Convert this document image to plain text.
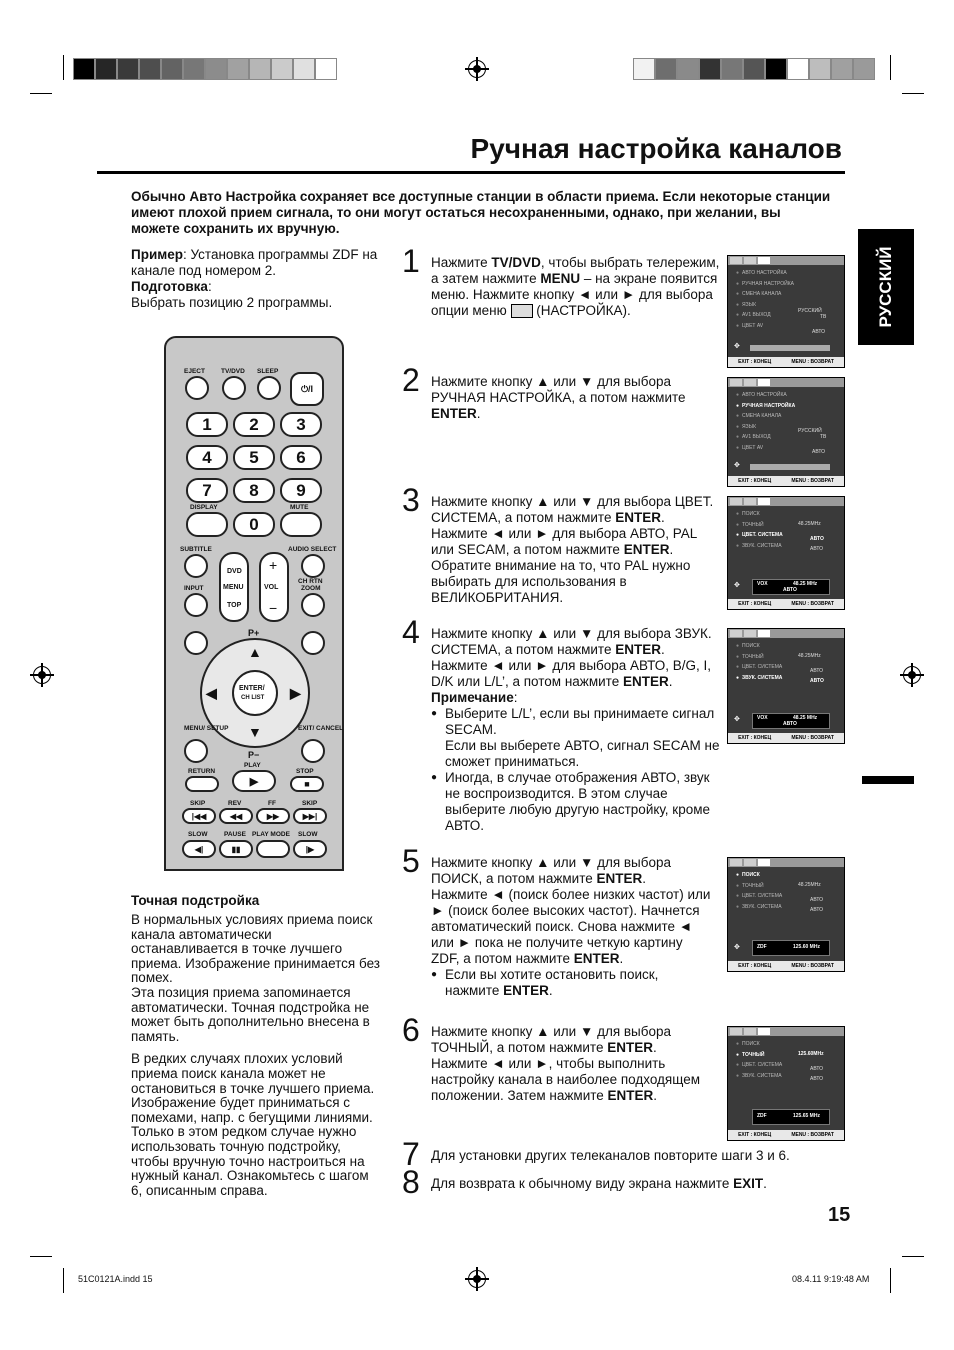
Ручная настройка каналов
Обычно Авто Настройка сохраняет все доступные станции в области приема. Если некоторые станции имеют плохой прием сигнала, то они могут остаться несохраненными, однако, при желании, вы можете сохранить их вручную.
РУССКИЙ
Пример: Установка программы ZDF на канале под номером 2.
Подготовка:
Выбрать позицию 2 программы.
EJECT TV/DVD SLEEP
⏻/I
1	2	3
4	5	6
7	8	9
DISPLAY	MUTE
0
SUBTITLE	AUDIO SELECT
INPUT
DVD
MENU
TOP
+
VOL
−
CH RTN
ZOOM
P+
▲
▼
◀	▶
ENTER/
CH LIST
MENU/ SETUP	EXIT/ CANCEL
P−
PLAY
RETURN	STOP
▶	■
SKIP	REV	FF	SKIP
|◀◀	◀◀	▶▶	▶▶|
SLOW	PAUSE PLAY MODE SLOW
◀|	▮▮	|▶
Точная подстройка
В нормальных условиях приема поиск канала автоматически останавливается в точке лучшего приема. Изображение принимается без помех.
Эта позиция приема запоминается автоматически. Точная подстройка не может быть дополнительно внесена в память.
В редких случаях плохих условий приема поиск канала может не остановиться в точке лучшего приема. Изображение будет приниматься с помехами, напр. с бегущими линиями.
Только в этом редком случае нужно использовать точную подстройку, чтобы вручную точно настроиться на нужный канал. Ознакомьтесь с шагом 6, описанным справа.
1 Нажмите TV/DVD, чтобы выбрать телережим, а затем нажмите MENU – на экране появится меню. Нажмите кнопку ◄ или ► для выбора опции меню  (НАСТРОЙКА).
2 Нажмите кнопку ▲ или ▼ для выбора РУЧНАЯ НАСТРОЙКА, а потом нажмите ENTER.
3 Нажмите кнопку ▲ или ▼ для выбора ЦВЕТ. СИСТЕМА, а потом нажмите ENTER.
Нажмите ◄ или ► для выбора АВТО, PAL или SECAM, а потом нажмите ENTER.
Обратите внимание на то, что PAL нужно выбирать для использования в ВЕЛИКОБРИТАНИЯ.
4 Нажмите кнопку ▲ или ▼ для выбора ЗВУК. СИСТЕМА, а потом нажмите ENTER.
Нажмите ◄ или ► для выбора АВТО, B/G, I, D/K или L/L’, а потом нажмите ENTER.
Примечание:
● Выберите L/L’, если вы принимаете сигнал SECAM.
Если вы выберете АВТО, сигнал SECAM не сможет приниматься.
● Иногда, в случае отображения АВТО, звук не воспроизводится. В этом случае выберите любую другую настройку, кроме АВТО.
5 Нажмите кнопку ▲ или ▼ для выбора ПОИСК, а потом нажмите ENTER.
Нажмите ◄ (поиск более низких частот) или ► (поиск более высоких частот). Начнется автоматический поиск. Снова нажмите ◄ или ► пока не получите четкую картину ZDF, а потом нажмите ENTER.
● Если вы хотите остановить поиск, нажмите ENTER.
6 Нажмите кнопку ▲ или ▼ для выбора ТОЧНЫЙ, а потом нажмите ENTER.
Нажмите ◄ или ►, чтобы выполнить настройку канала в наиболее подходящем положении. Затем нажмите ENTER.
7 Для установки других телеканалов повторите шаги 3 и 6.
8 Для возврата к обычному виду экрана нажмите EXIT.
● АВТО НАСТРОЙКА
● РУЧНАЯ НАСТРОЙКА
● СМЕНА КАНАЛА
● ЯЗЫК
● AV1 ВЫХОД
● ЦВЕТ AV
РУССКИЙ
ТВ
АВТО
✥
EXIT : КОНЕЦ	MENU : ВОЗВРАТ
● АВТО НАСТРОЙКА
● РУЧНАЯ НАСТРОЙКА
● СМЕНА КАНАЛА
● ЯЗЫК
● AV1 ВЫХОД
● ЦВЕТ AV
РУССКИЙ
ТВ
АВТО
✥
EXIT : КОНЕЦ	MENU : ВОЗВРАТ
● ПОИСК
● ТОЧНЫЙ
● ЦВЕТ. СИСТЕМА
● ЗВУК. СИСТЕМА
48.25MHz
АВТО
АВТО
✥	VOX	48.25 MHz
АВТО
EXIT : КОНЕЦ	MENU : ВОЗВРАТ
● ПОИСК
● ТОЧНЫЙ
● ЦВЕТ. СИСТЕМА
● ЗВУК. СИСТЕМА
48.25MHz
АВТО
АВТО
✥	VOX	48.25 MHz
АВТО
EXIT : КОНЕЦ	MENU : ВОЗВРАТ
● ПОИСК
● ТОЧНЫЙ
● ЦВЕТ. СИСТЕМА
● ЗВУК. СИСТЕМА
48.25MHz
АВТО
АВТО
✥	ZDF	125.60 MHz
EXIT : КОНЕЦ	MENU : ВОЗВРАТ
● ПОИСК
● ТОЧНЫЙ
● ЦВЕТ. СИСТЕМА
● ЗВУК. СИСТЕМА
125.60MHz
АВТО
АВТО
ZDF	125.65 MHz
EXIT : КОНЕЦ	MENU : ВОЗВРАТ
15
51C0121A.indd 15	08.4.11 9:19:48 AM
